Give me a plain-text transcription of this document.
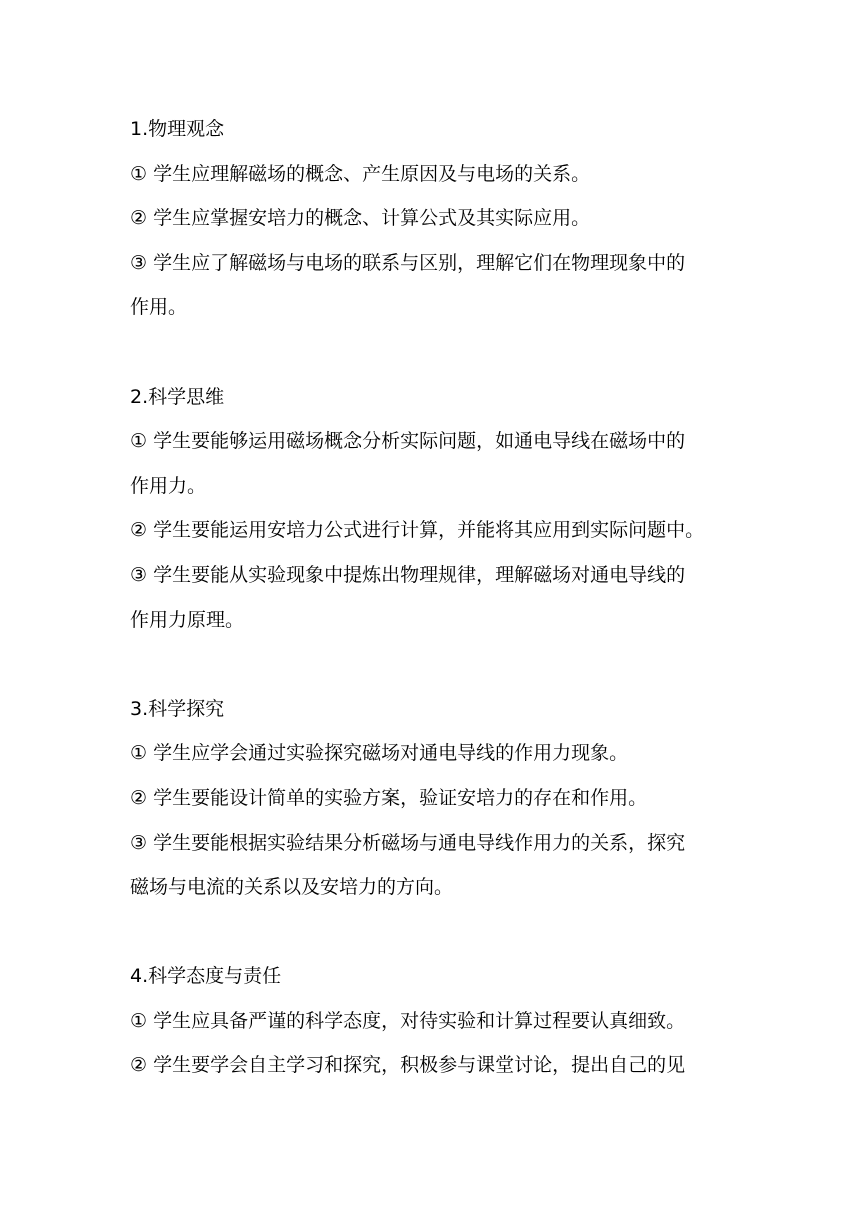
1.物理观念
① 学生应理解磁场的概念、产生原因及与电场的关系。
② 学生应掌握安培力的概念、计算公式及其实际应用。
③ 学生应了解磁场与电场的联系与区别，理解它们在物理现象中的
作用。
2.科学思维
① 学生要能够运用磁场概念分析实际问题，如通电导线在磁场中的
作用力。
② 学生要能运用安培力公式进行计算，并能将其应用到实际问题中。
③ 学生要能从实验现象中提炼出物理规律，理解磁场对通电导线的
作用力原理。
3.科学探究
① 学生应学会通过实验探究磁场对通电导线的作用力现象。
② 学生要能设计简单的实验方案，验证安培力的存在和作用。
③ 学生要能根据实验结果分析磁场与通电导线作用力的关系，探究
磁场与电流的关系以及安培力的方向。
4.科学态度与责任
① 学生应具备严谨的科学态度，对待实验和计算过程要认真细致。
② 学生要学会自主学习和探究，积极参与课堂讨论，提出自己的见
